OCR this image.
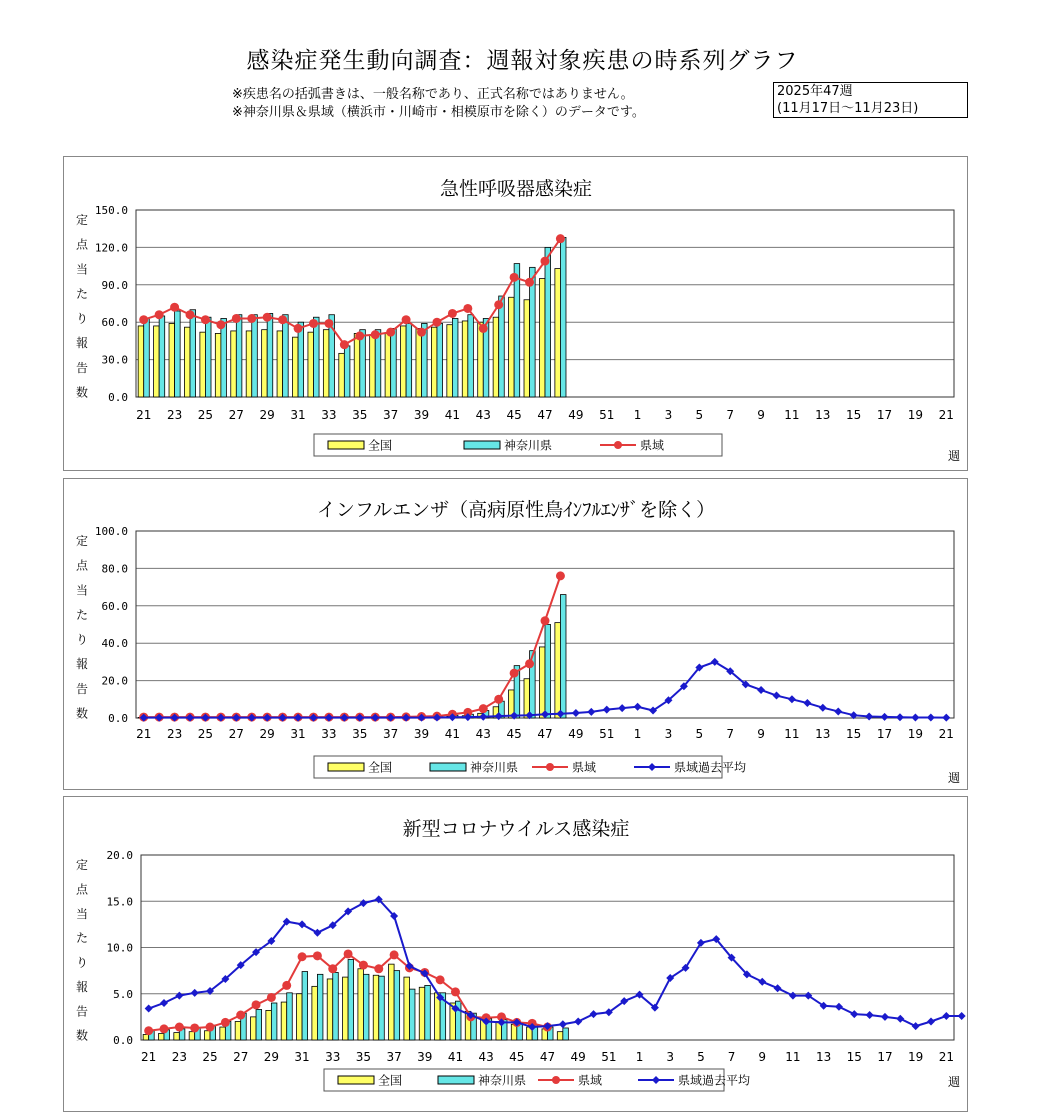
感染症発生動向調査：週報対象疾患の時系列グラフ
※疾患名の括弧書きは、一般名称であり、正式名称ではありません。
※神奈川県＆県域（横浜市・川崎市・相模原市を除く）のデータです。
2025年47週
(11月17日〜11月23日)
急性呼吸器感染症
150.0
120.0
90.0
60.0
30.0
0.0
定
点
当
た
り
報
告
数
21 23 25 27 29 31 33 35 37 39 41 43 45 47 49 51 1 3 5 7 9 11 13 15 17 19 21
全国	神奈川県	県域
週
インフルエンザ（高病原性鳥ｲﾝﾌﾙｴﾝｻﾞを除く）
100.0
80.0
60.0
40.0
20.0
0.0
定
点
当
た
り
報
告
数
21 23 25 27 29 31 33 35 37 39 41 43 45 47 49 51 1 3 5 7 9 11 13 15 17 19 21
全国	神奈川県	県域	県域過去平均
週
新型コロナウイルス感染症
20.0
15.0
10.0
5.0
0.0
定
点
当
た
り
報
告
数
21 23 25 27 29 31 33 35 37 39 41 43 45 47 49 51 1 3 5 7 9 11 13 15 17 19 21
全国	神奈川県	県域	県域過去平均	週
